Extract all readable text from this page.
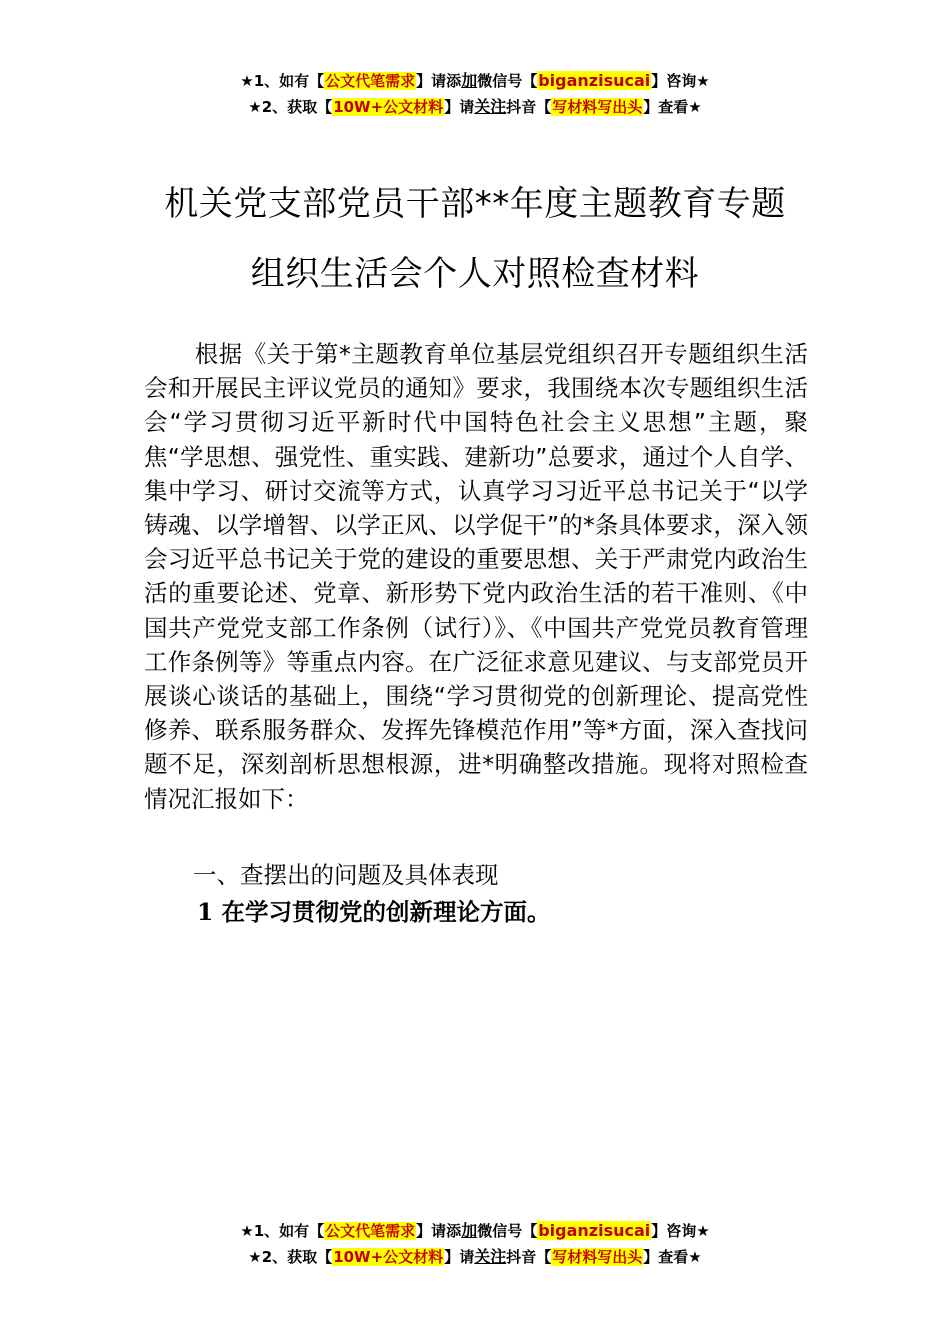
★1、如有【公文代笔需求】请添加微信号【biganzisucai】咨询★
★2、获取【10W+公文材料】请关注抖音【写材料写出头】查看★
机关党支部党员干部**年度主题教育专题
组织生活会个人对照检查材料

根据《关于第*主题教育单位基层党组织召开专题组织生活会和开展民主评议党员的通知》要求，我围绕本次专题组织生活会“学习贯彻习近平新时代中国特色社会主义思想”主题，聚焦“学思想、强党性、重实践、建新功”总要求，通过个人自学、集中学习、研讨交流等方式，认真学习习近平总书记关于“以学铸魂、以学增智、以学正风、以学促干”的*条具体要求，深入领会习近平总书记关于党的建设的重要思想、关于严肃党内政治生活的重要论述、党章、新形势下党内政治生活的若干准则、《中国共产党党支部工作条例（试行）》、《中国共产党党员教育管理工作条例等》等重点内容。在广泛征求意见建议、与支部党员开展谈心谈话的基础上，围绕“学习贯彻党的创新理论、提高党性修养、联系服务群众、发挥先锋模范作用”等*方面，深入查找问题不足，深刻剖析思想根源，进*明确整改措施。现将对照检查情况汇报如下：

一、查摆出的问题及具体表现
1 在学习贯彻党的创新理论方面。
★1、如有【公文代笔需求】请添加微信号【biganzisucai】咨询★
★2、获取【10W+公文材料】请关注抖音【写材料写出头】查看★
